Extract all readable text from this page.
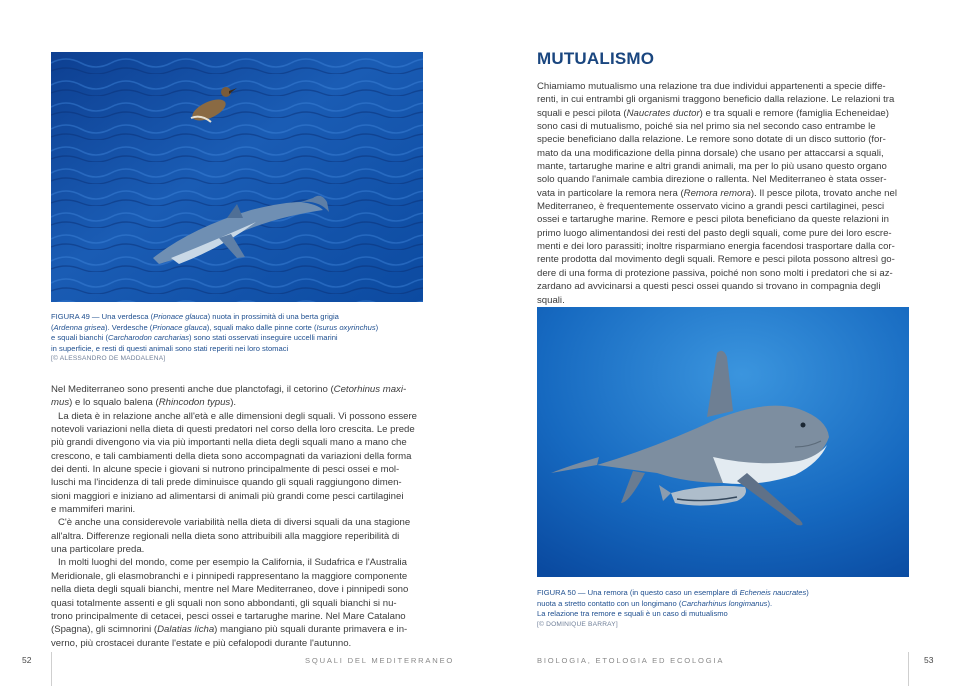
FIGURA 49 — Una verdesca (Prionace glauca) nuota in prossimità di una berta grigia
(Ardenna grisea). Verdesche (Prionace glauca), squali mako dalle pinne corte (Isurus oxyrinchus)
e squali bianchi (Carcharodon carcharias) sono stati osservati inseguire uccelli marini
in superficie, e resti di questi animali sono stati reperiti nei loro stomaci
[© ALESSANDRO DE MADDALENA]
Nel Mediterraneo sono presenti anche due planctofagi, il cetorino (Cetorhinus maxi-
mus) e lo squalo balena (Rhincodon typus).
La dieta è in relazione anche all'età e alle dimensioni degli squali. Vi possono essere
notevoli variazioni nella dieta di questi predatori nel corso della loro crescita. Le prede
più grandi divengono via via più importanti nella dieta degli squali mano a mano che
crescono, e tali cambiamenti della dieta sono accompagnati da variazioni della forma
dei denti. In alcune specie i giovani si nutrono principalmente di pesci ossei e mol-
luschi ma l'incidenza di tali prede diminuisce quando gli squali raggiungono dimen-
sioni maggiori e iniziano ad alimentarsi di animali più grandi come pesci cartilaginei
e mammiferi marini.
C'è anche una considerevole variabilità nella dieta di diversi squali da una stagione
all'altra. Differenze regionali nella dieta sono attribuibili alla maggiore reperibilità di
una particolare preda.
In molti luoghi del mondo, come per esempio la California, il Sudafrica e l'Australia
Meridionale, gli elasmobranchi e i pinnipedi rappresentano la maggiore componente
nella dieta degli squali bianchi, mentre nel Mare Mediterraneo, dove i pinnipedi sono
quasi totalmente assenti e gli squali non sono abbondanti, gli squali bianchi si nu-
trono principalmente di cetacei, pesci ossei e tartarughe marine. Nel Mare Catalano
(Spagna), gli scimnorini (Dalatias licha) mangiano più squali durante primavera e in-
verno, più crostacei durante l'estate e più cefalopodi durante l'autunno.
MUTUALISMO
Chiamiamo mutualismo una relazione tra due individui appartenenti a specie diffe-
renti, in cui entrambi gli organismi traggono beneficio dalla relazione. Le relazioni tra
squali e pesci pilota (Naucrates ductor) e tra squali e remore (famiglia Echeneidae)
sono casi di mutualismo, poiché sia nel primo sia nel secondo caso entrambe le
specie beneficiano dalla relazione. Le remore sono dotate di un disco suttorio (for-
mato da una modificazione della pinna dorsale) che usano per attaccarsi a squali,
mante, tartarughe marine e altri grandi animali, ma per lo più usano questo organo
solo quando l'animale cambia direzione o rallenta. Nel Mediterraneo è stata osser-
vata in particolare la remora nera (Remora remora). Il pesce pilota, trovato anche nel
Mediterraneo, è frequentemente osservato vicino a grandi pesci cartilaginei, pesci
ossei e tartarughe marine. Remore e pesci pilota beneficiano da queste relazioni in
primo luogo alimentandosi dei resti del pasto degli squali, come pure dei loro escre-
menti e dei loro parassiti; inoltre risparmiano energia facendosi trasportare dalla cor-
rente prodotta dal movimento degli squali. Remore e pesci pilota possono altresì go-
dere di una forma di protezione passiva, poiché non sono molti i predatori che si az-
zardano ad avvicinarsi a questi pesci ossei quando si trovano in compagnia degli
squali.
FIGURA 50 — Una remora (in questo caso un esemplare di Echeneis naucrates)
nuota a stretto contatto con un longimano (Carcharhinus longimanus).
La relazione tra remore e squali è un caso di mutualismo
[© DOMINIQUE BARRAY]
52	SQUALI DEL MEDITERRANEO	BIOLOGIA, ETOLOGIA ED ECOLOGIA	53
